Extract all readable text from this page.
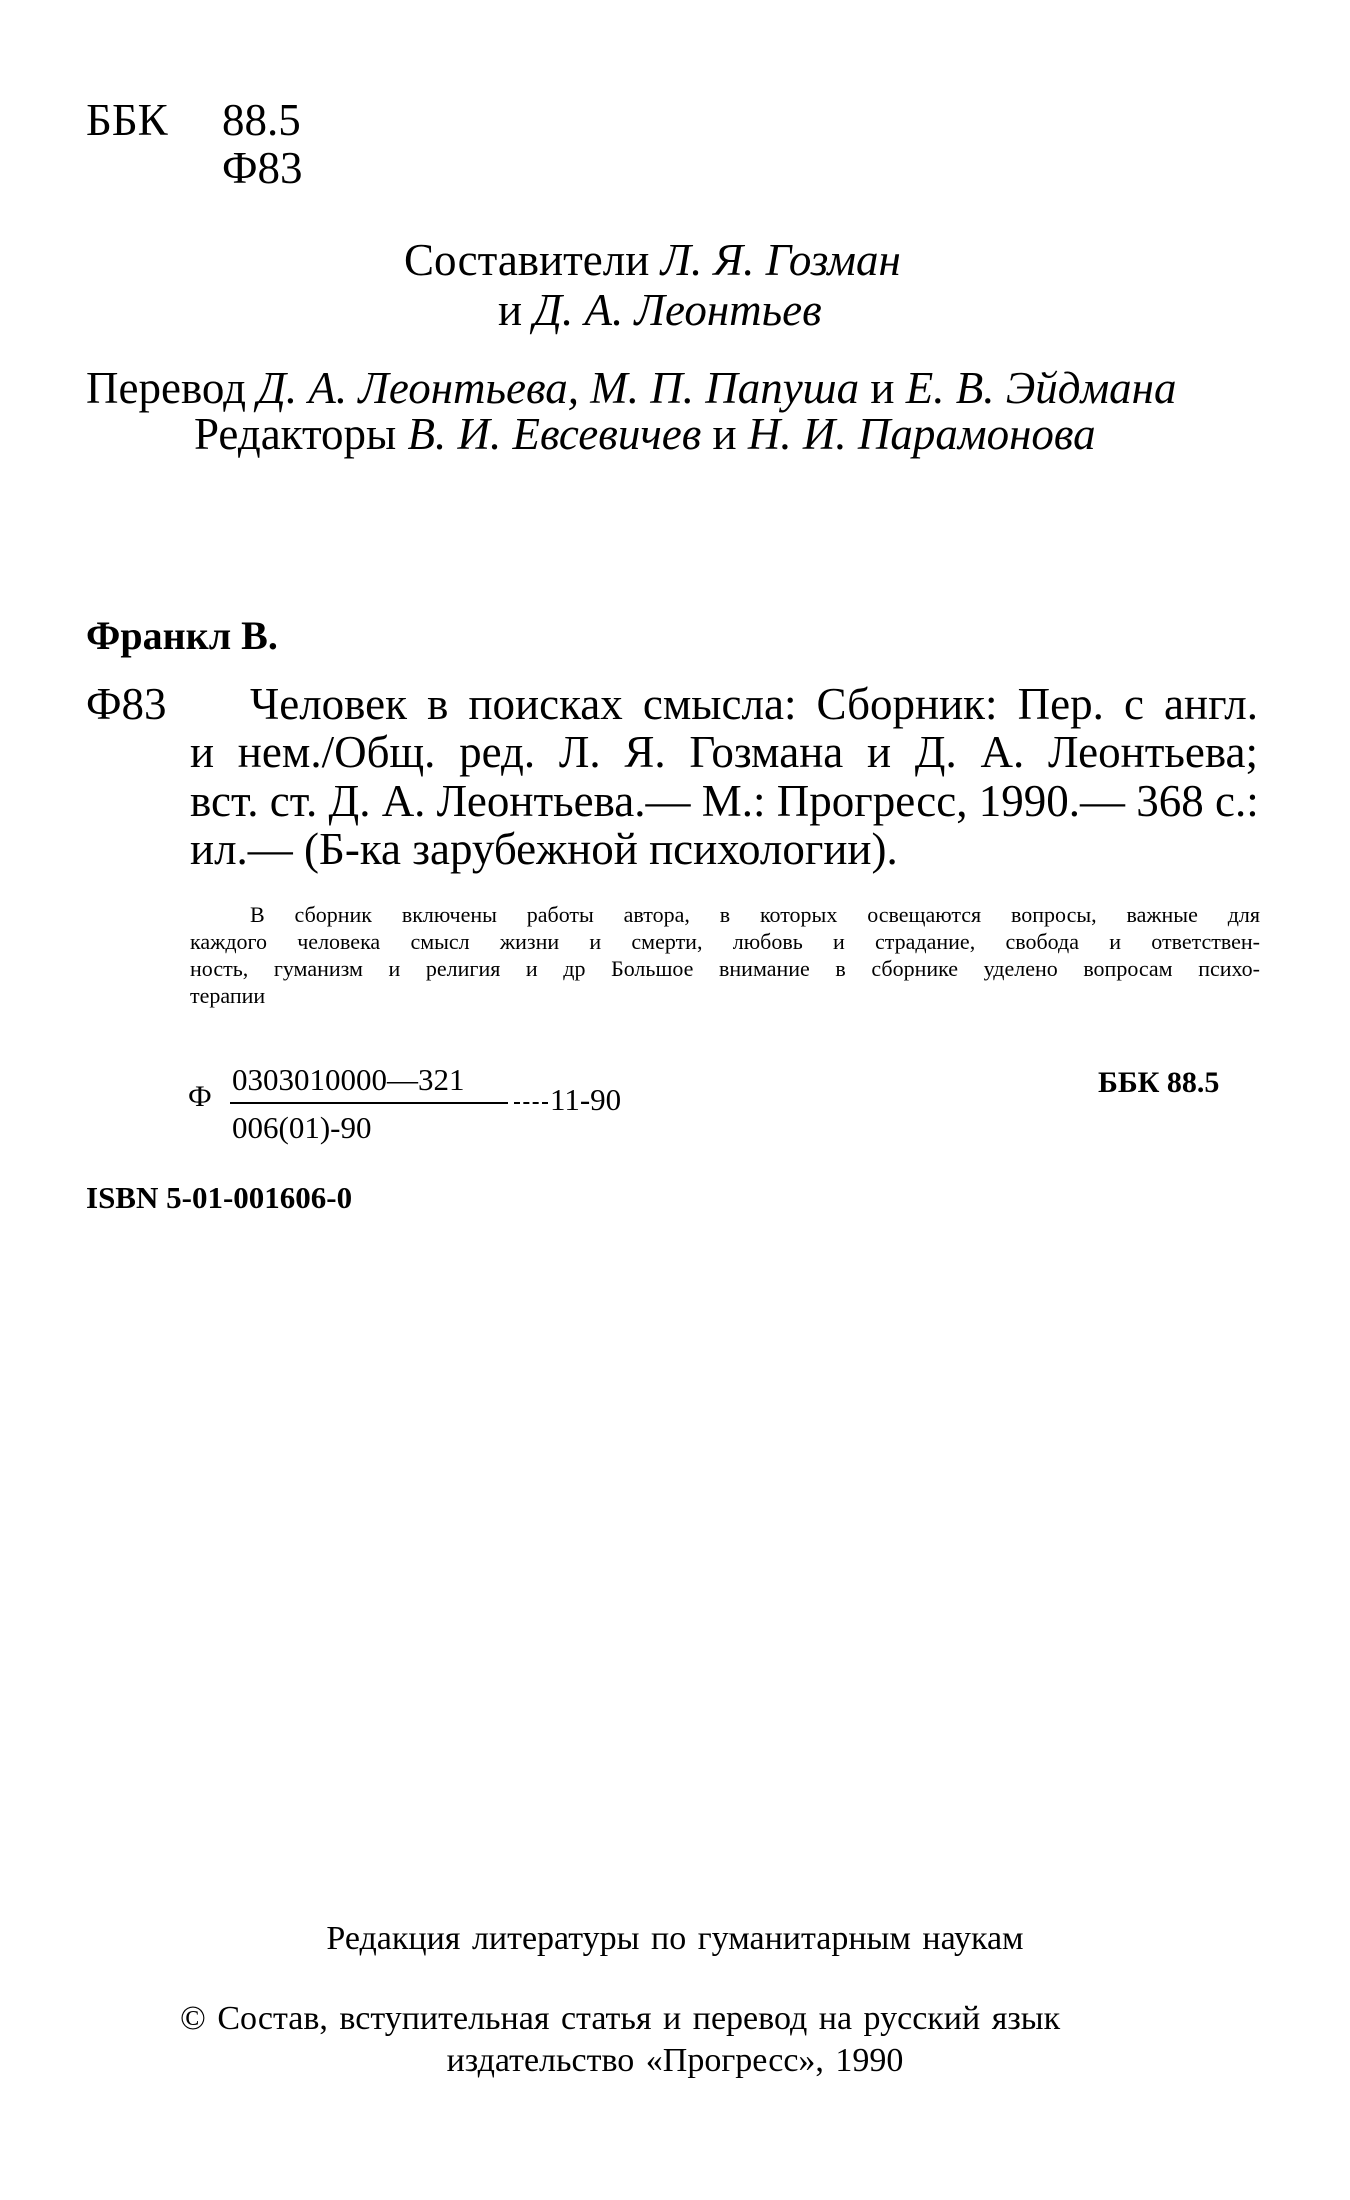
ББК 88.5
Ф83
Составители Л. Я. Гозман
и Д. А. Леонтьев
Перевод Д. А. Леонтьева, М. П. Папуша и Е. В. Эйдмана
Редакторы В. И. Евсевичев и Н. И. Парамонова
Франкл В.
Ф83 Человек в поисках смысла: Сборник: Пер. с англ.
и нем./Общ. ред. Л. Я. Гозмана и Д. А. Леонтьева;
вст. ст. Д. А. Леонтьева.— М.: Прогресс, 1990.— 368 с.:
ил.— (Б-ка зарубежной психологии).
В сборник включены работы автора, в которых освещаются вопросы, важные для
каждого человека смысл жизни и смерти, любовь и страдание, свобода и ответствен-
ность, гуманизм и религия и др Большое внимание в сборнике уделено вопросам психо-
терапии
Ф 0303010000—321
006(01)-90
11-90	ББК 88.5
ISBN 5-01-001606-0
Редакция литературы по гуманитарным наукам
© Состав, вступительная статья и перевод на русский язык
издательство «Прогресс», 1990
